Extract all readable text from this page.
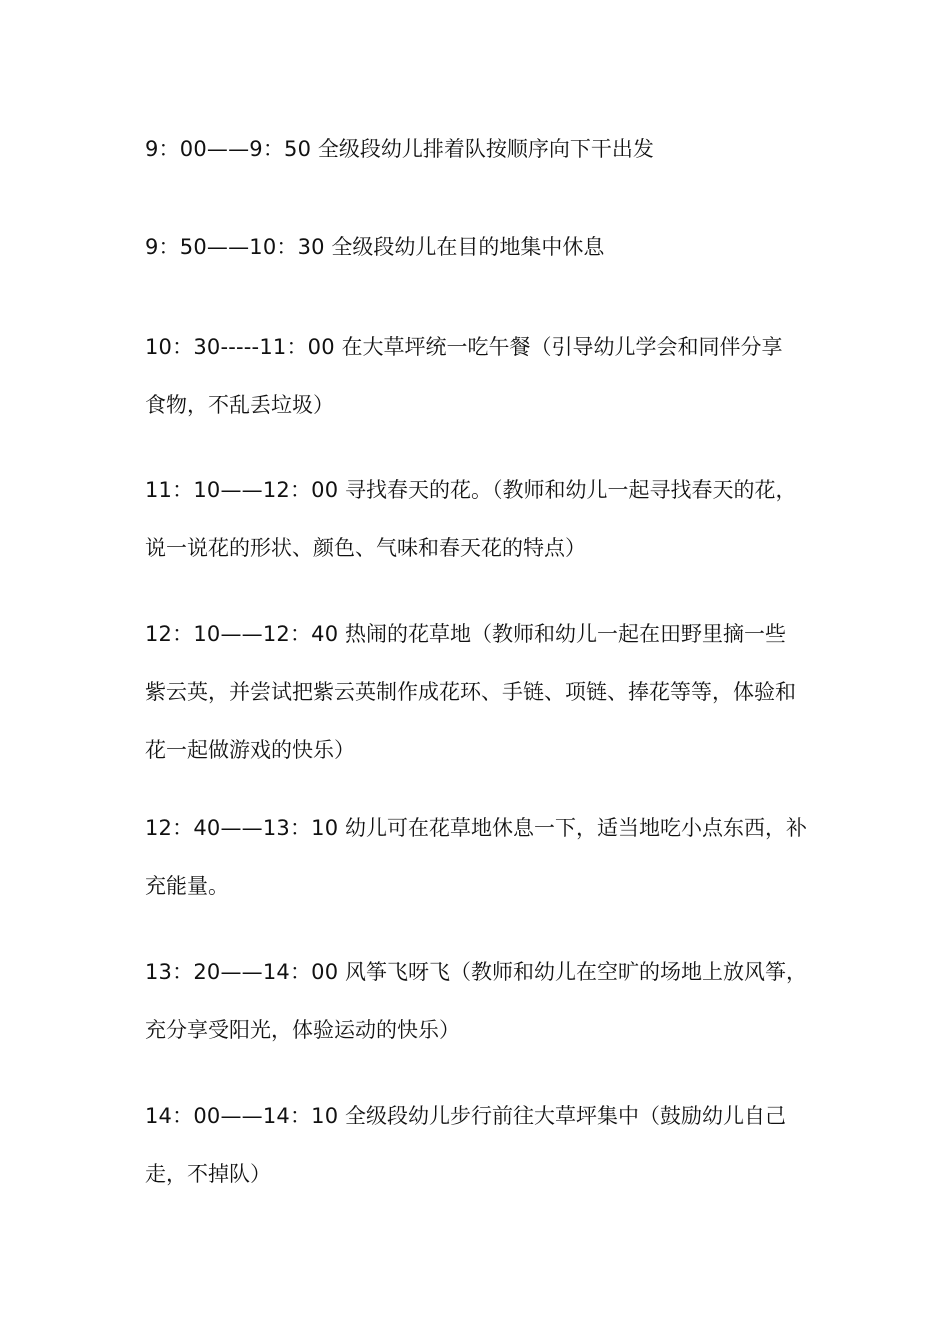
9：00——9：50 全级段幼儿排着队按顺序向下干出发
9：50——10：30 全级段幼儿在目的地集中休息
10：30-----11：00 在大草坪统一吃午餐（引导幼儿学会和同伴分享
食物，不乱丢垃圾）
11：10——12：00 寻找春天的花。（教师和幼儿一起寻找春天的花，
说一说花的形状、颜色、气味和春天花的特点）
12：10——12：40 热闹的花草地（教师和幼儿一起在田野里摘一些
紫云英，并尝试把紫云英制作成花环、手链、项链、捧花等等，体验和
花一起做游戏的快乐）
12：40——13：10 幼儿可在花草地休息一下，适当地吃小点东西，补
充能量。
13：20——14：00 风筝飞呀飞（教师和幼儿在空旷的场地上放风筝，
充分享受阳光，体验运动的快乐）
14：00——14：10 全级段幼儿步行前往大草坪集中（鼓励幼儿自己
走，不掉队）
